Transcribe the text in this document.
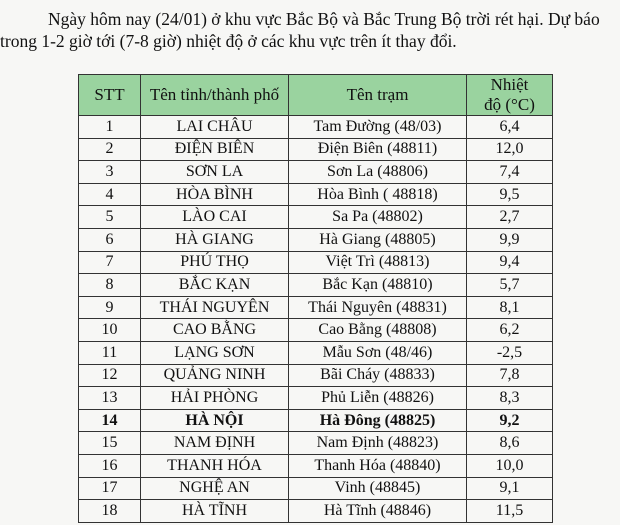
Ngày hôm nay (24/01) ở khu vực Bắc Bộ và Bắc Trung Bộ trời rét hại. Dự báo
trong 1-2 giờ tới (7-8 giờ) nhiệt độ ở các khu vực trên ít thay đổi.

STT	Tên tỉnh/thành phố	Tên trạm	Nhiệt
độ (°C)
1	LAI CHÂU	Tam Đường (48/03)	6,4
2	ĐIỆN BIÊN	Điện Biên (48811)	12,0
3	SƠN LA	Sơn La (48806)	7,4
4	HÒA BÌNH	Hòa Bình ( 48818)	9,5
5	LÀO CAI	Sa Pa (48802)	2,7
6	HÀ GIANG	Hà Giang (48805)	9,9
7	PHÚ THỌ	Việt Trì (48813)	9,4
8	BẮC KẠN	Bắc Kạn (48810)	5,7
9	THÁI NGUYÊN	Thái Nguyên (48831)	8,1
10	CAO BẰNG	Cao Bằng (48808)	6,2
11	LẠNG SƠN	Mẫu Sơn (48/46)	-2,5
12	QUẢNG NINH	Bãi Cháy (48833)	7,8
13	HẢI PHÒNG	Phủ Liễn (48826)	8,3
14	HÀ NỘI	Hà Đông (48825)	9,2
15	NAM ĐỊNH	Nam Định (48823)	8,6
16	THANH HÓA	Thanh Hóa (48840)	10,0
17	NGHỆ AN	Vinh (48845)	9,1
18	HÀ TĨNH	Hà Tĩnh (48846)	11,5
